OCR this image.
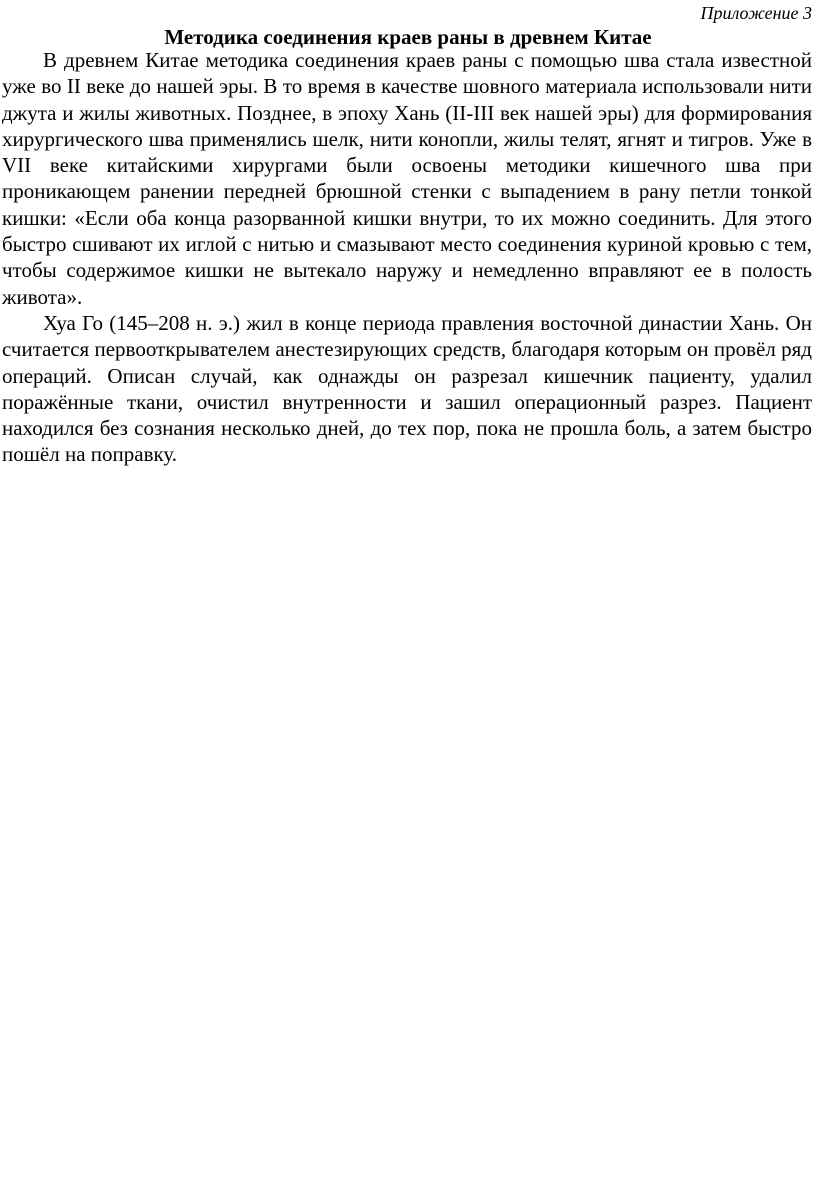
Приложение 3
Методика соединения краев раны в древнем Китае

В древнем Китае методика соединения краев раны с помощью шва стала известной уже во II веке до нашей эры. В то время в качестве шовного материала использовали нити джута и жилы животных. Позднее, в эпоху Хань (II-III век нашей эры) для формирования хирургического шва применялись шелк, нити конопли, жилы телят, ягнят и тигров. Уже в VII веке китайскими хирургами были освоены методики кишечного шва при проникающем ранении передней брюшной стенки с выпадением в рану петли тонкой кишки: «Если оба конца разорванной кишки внутри, то их можно соединить. Для этого быстро сшивают их иглой с нитью и смазывают место соединения куриной кровью с тем, чтобы содержимое кишки не вытекало наружу и немедленно вправляют ее в полость живота».

Хуа Го (145–208 н. э.) жил в конце периода правления восточной династии Хань. Он считается первооткрывателем анестезирующих средств, благодаря которым он провёл ряд операций. Описан случай, как однажды он разрезал кишечник пациенту, удалил поражённые ткани, очистил внутренности и зашил операционный разрез. Пациент находился без сознания несколько дней, до тех пор, пока не прошла боль, а затем быстро пошёл на поправку.
